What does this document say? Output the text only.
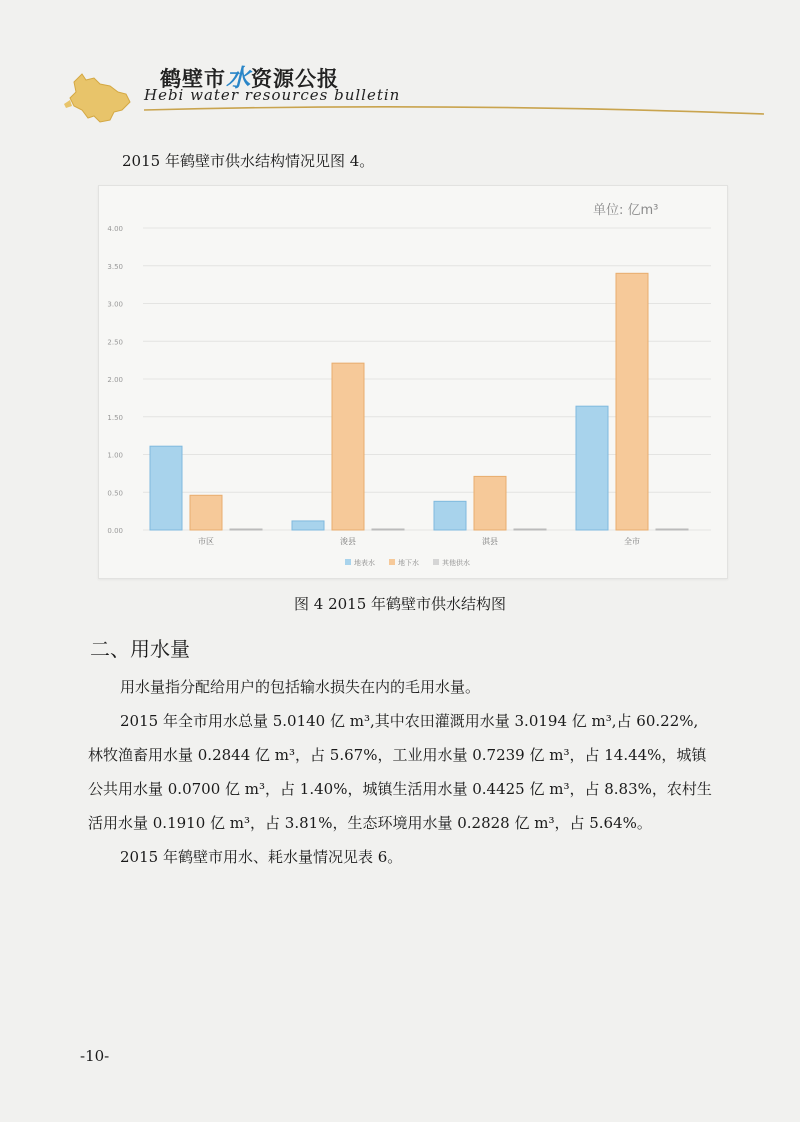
鹤壁市水资源公报
Hebi water resources bulletin
2015 年鹤壁市供水结构情况见图 4。
单位: 亿m³
0.00
0.50
1.00
1.50
2.00
2.50
3.00
3.50
4.00
市区	浚县	淇县	全市
地表水	地下水	其他供水
图 4 2015 年鹤壁市供水结构图
二、用水量

用水量指分配给用户的包括输水损失在内的毛用水量。

2015 年全市用水总量 5.0140 亿 m³,其中农田灌溉用水量 3.0194 亿 m³,占 60.22%,

林牧渔畜用水量 0.2844 亿 m³，占 5.67%，工业用水量 0.7239 亿 m³，占 14.44%，城镇

公共用水量 0.0700 亿 m³，占 1.40%，城镇生活用水量 0.4425 亿 m³，占 8.83%，农村生

活用水量 0.1910 亿 m³，占 3.81%，生态环境用水量 0.2828 亿 m³，占 5.64%。

2015 年鹤壁市用水、耗水量情况见表 6。

-10-
